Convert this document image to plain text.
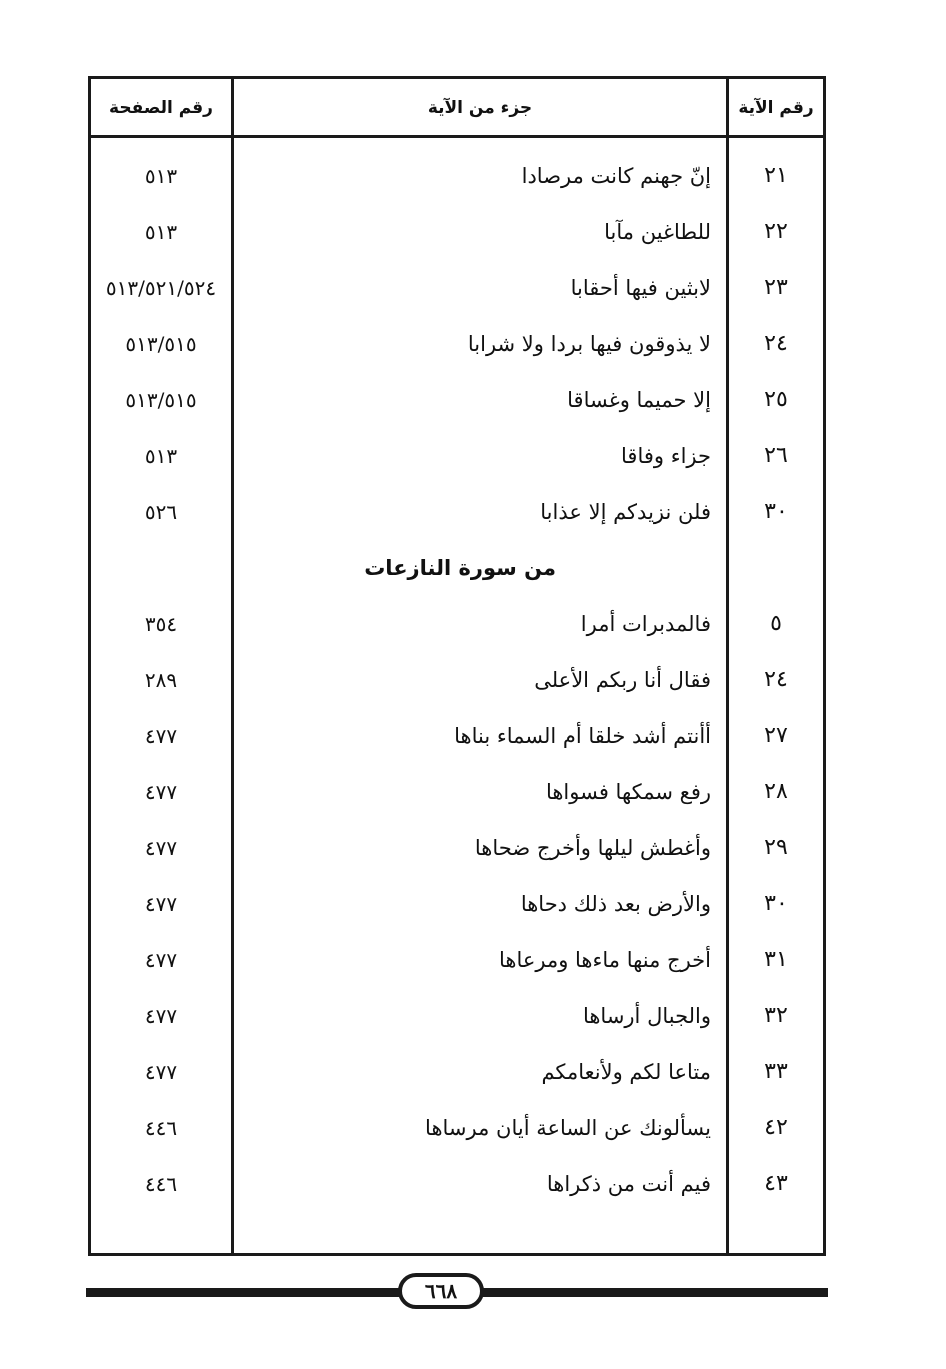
رقم الآية
جزء من الآية
رقم الصفحة
٢١
إنّ جهنم كانت مرصادا
٥١٣
٢٢
للطاغين مآبا
٥١٣
٢٣
لابثين فيها أحقابا
٥١٣/٥٢١/٥٢٤
٢٤
لا يذوقون فيها بردا ولا شرابا
٥١٣/٥١٥
٢٥
إلا حميما وغساقا
٥١٣/٥١٥
٢٦
جزاء وفاقا
٥١٣
٣٠
فلن نزيدكم إلا عذابا
٥٢٦
من سورة النازعات
٥
فالمدبرات أمرا
٣٥٤
٢٤
فقال أنا ربكم الأعلى
٢٨٩
٢٧
أأنتم أشد خلقا أم السماء بناها
٤٧٧
٢٨
رفع سمكها فسواها
٤٧٧
٢٩
وأغطش ليلها وأخرج ضحاها
٤٧٧
٣٠
والأرض بعد ذلك دحاها
٤٧٧
٣١
أخرج منها ماءها ومرعاها
٤٧٧
٣٢
والجبال أرساها
٤٧٧
٣٣
متاعا لكم ولأنعامكم
٤٧٧
٤٢
يسألونك عن الساعة أيان مرساها
٤٤٦
٤٣
فيم أنت من ذكراها
٤٤٦
٦٦٨
